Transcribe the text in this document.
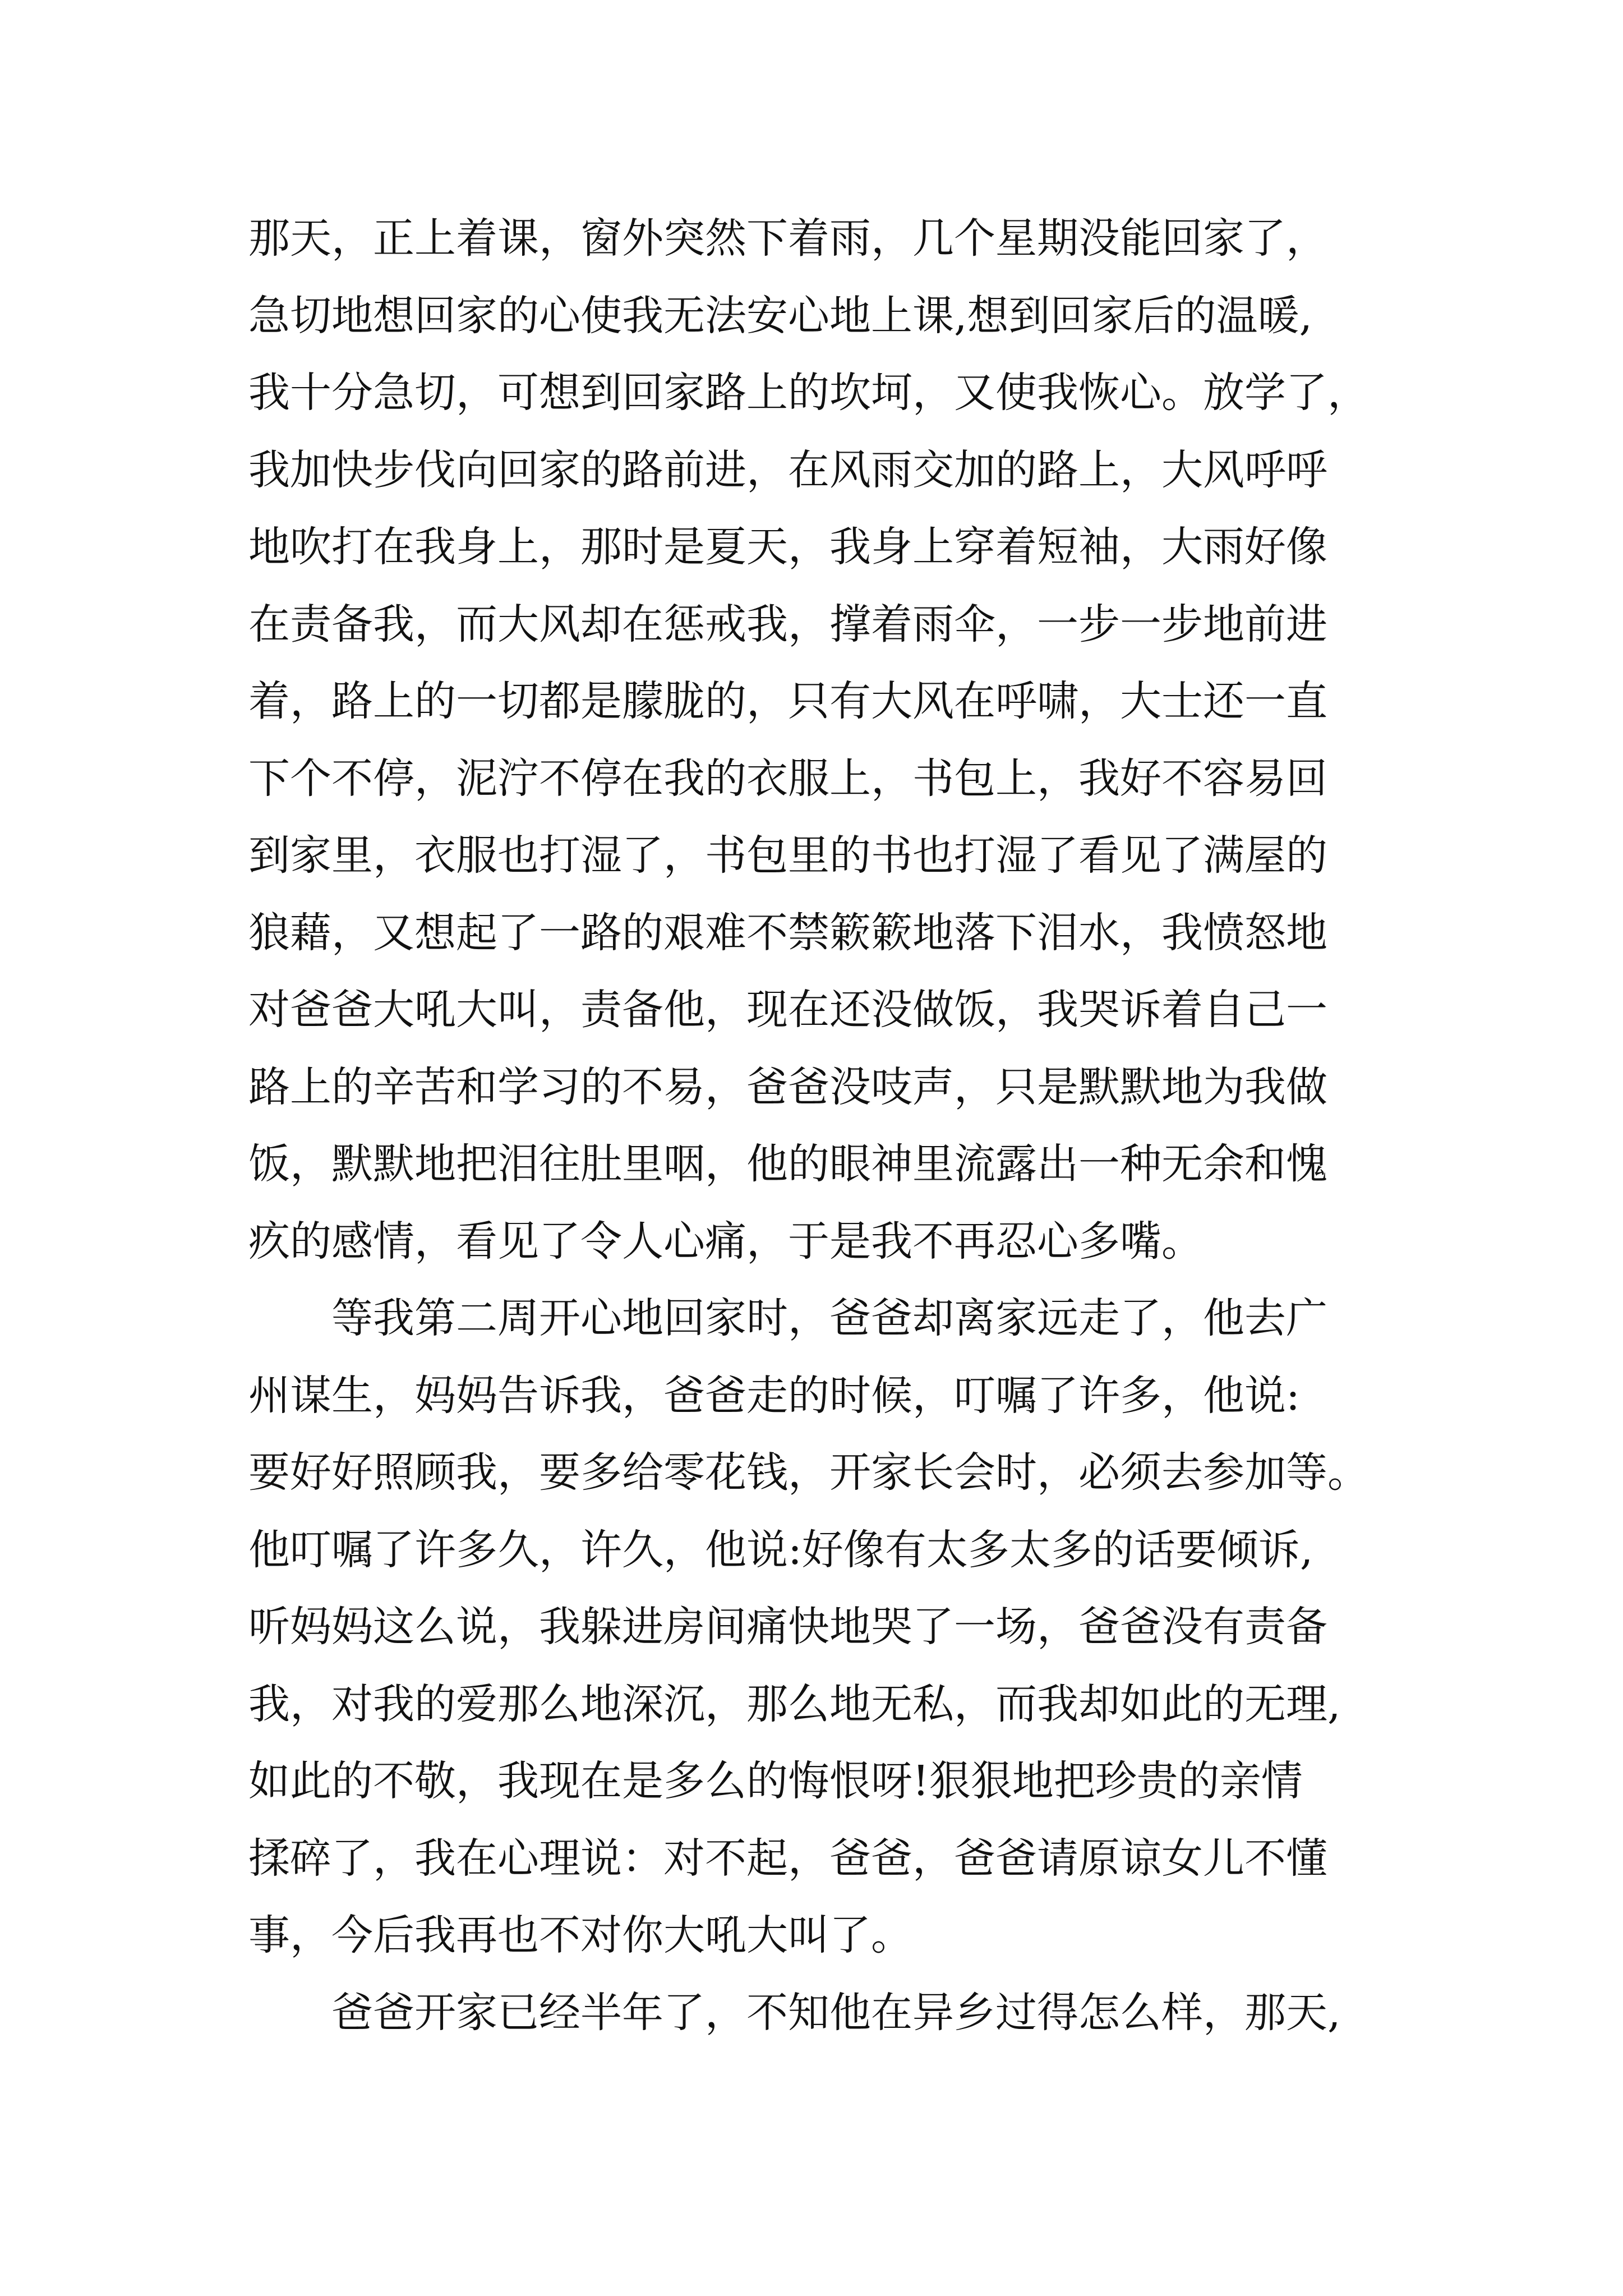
那天，正上着课，窗外突然下着雨，几个星期没能回家了，
急切地想回家的心使我无法安心地上课,想到回家后的温暖,
我十分急切，可想到回家路上的坎坷，又使我恢心。放学了，
我加快步伐向回家的路前进，在风雨交加的路上，大风呼呼
地吹打在我身上，那时是夏天，我身上穿着短袖，大雨好像
在责备我，而大风却在惩戒我，撑着雨伞，一步一步地前进
着，路上的一切都是朦胧的，只有大风在呼啸，大士还一直
下个不停，泥泞不停在我的衣服上，书包上，我好不容易回
到家里，衣服也打湿了，书包里的书也打湿了看见了满屋的
狼藉，又想起了一路的艰难不禁簌簌地落下泪水，我愤怒地
对爸爸大吼大叫，责备他，现在还没做饭，我哭诉着自己一
路上的辛苦和学习的不易，爸爸没吱声，只是默默地为我做
饭，默默地把泪往肚里咽，他的眼神里流露出一种无余和愧
疚的感情，看见了令人心痛，于是我不再忍心多嘴。
　　等我第二周开心地回家时，爸爸却离家远走了，他去广
州谋生，妈妈告诉我，爸爸走的时候，叮嘱了许多，他说:
要好好照顾我，要多给零花钱，开家长会时，必须去参加等。
他叮嘱了许多久，许久，他说:好像有太多太多的话要倾诉,
听妈妈这么说，我躲进房间痛快地哭了一场，爸爸没有责备
我，对我的爱那么地深沉，那么地无私，而我却如此的无理,
如此的不敬，我现在是多么的悔恨呀!狠狠地把珍贵的亲情
揉碎了，我在心理说：对不起，爸爸，爸爸请原谅女儿不懂
事，今后我再也不对你大吼大叫了。
　　爸爸开家已经半年了，不知他在异乡过得怎么样，那天,
